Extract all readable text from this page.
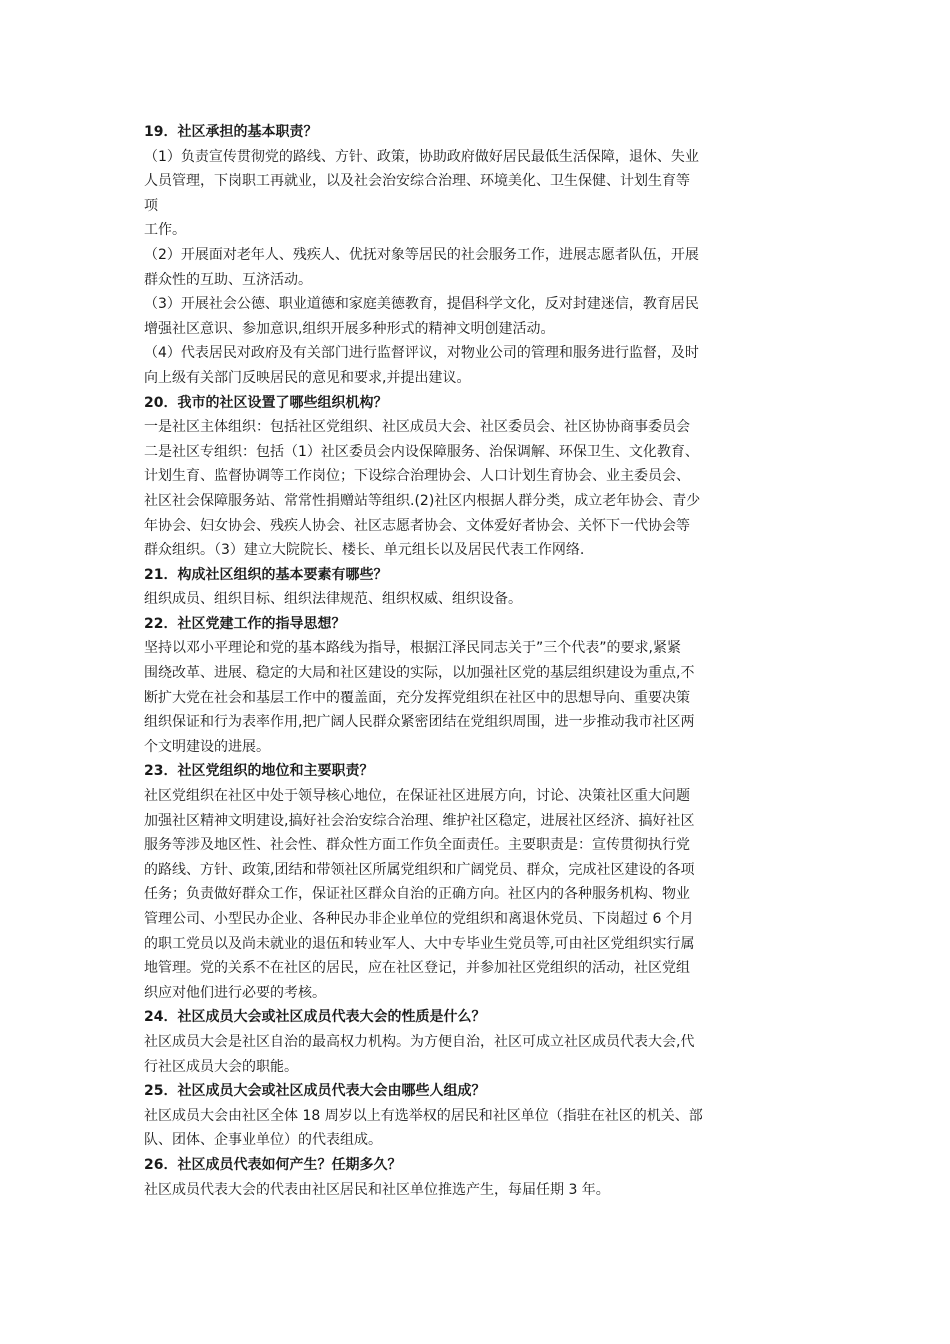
19．社区承担的基本职责？
（1）负责宣传贯彻党的路线、方针、政策，协助政府做好居民最低生活保障，退休、失业
人员管理，下岗职工再就业，以及社会治安综合治理、环境美化、卫生保健、计划生育等
项
工作。
（2）开展面对老年人、残疾人、优抚对象等居民的社会服务工作，进展志愿者队伍，开展
群众性的互助、互济活动。
（3）开展社会公德、职业道德和家庭美德教育，提倡科学文化，反对封建迷信，教育居民
增强社区意识、参加意识,组织开展多种形式的精神文明创建活动。
（4）代表居民对政府及有关部门进行监督评议，对物业公司的管理和服务进行监督，及时
向上级有关部门反映居民的意见和要求,并提出建议。
20．我市的社区设置了哪些组织机构？
一是社区主体组织：包括社区党组织、社区成员大会、社区委员会、社区协协商事委员会
二是社区专组织：包括（1）社区委员会内设保障服务、治保调解、环保卫生、文化教育、
计划生育、监督协调等工作岗位；下设综合治理协会、人口计划生育协会、业主委员会、
社区社会保障服务站、常常性捐赠站等组织.(2)社区内根据人群分类，成立老年协会、青少
年协会、妇女协会、残疾人协会、社区志愿者协会、文体爱好者协会、关怀下一代协会等
群众组织。（3）建立大院院长、楼长、单元组长以及居民代表工作网络.
21．构成社区组织的基本要素有哪些？
组织成员、组织目标、组织法律规范、组织权威、组织设备。
22．社区党建工作的指导思想？
坚持以邓小平理论和党的基本路线为指导，根据江泽民同志关于”三个代表”的要求,紧紧
围绕改革、进展、稳定的大局和社区建设的实际，以加强社区党的基层组织建设为重点,不
断扩大党在社会和基层工作中的覆盖面，充分发挥党组织在社区中的思想导向、重要决策
组织保证和行为表率作用,把广阔人民群众紧密团结在党组织周围，进一步推动我市社区两
个文明建设的进展。
23．社区党组织的地位和主要职责？
社区党组织在社区中处于领导核心地位，在保证社区进展方向，讨论、决策社区重大问题
加强社区精神文明建设,搞好社会治安综合治理、维护社区稳定，进展社区经济、搞好社区
服务等涉及地区性、社会性、群众性方面工作负全面责任。主要职责是：宣传贯彻执行党
的路线、方针、政策,团结和带领社区所属党组织和广阔党员、群众，完成社区建设的各项
任务；负责做好群众工作，保证社区群众自治的正确方向。社区内的各种服务机构、物业
管理公司、小型民办企业、各种民办非企业单位的党组织和离退休党员、下岗超过 6 个月
的职工党员以及尚未就业的退伍和转业军人、大中专毕业生党员等,可由社区党组织实行属
地管理。党的关系不在社区的居民，应在社区登记，并参加社区党组织的活动，社区党组
织应对他们进行必要的考核。
24．社区成员大会或社区成员代表大会的性质是什么？
社区成员大会是社区自治的最高权力机构。为方便自治，社区可成立社区成员代表大会,代
行社区成员大会的职能。
25．社区成员大会或社区成员代表大会由哪些人组成？
社区成员大会由社区全体 18 周岁以上有选举权的居民和社区单位（指驻在社区的机关、部
队、团体、企事业单位）的代表组成。
26．社区成员代表如何产生？任期多久？
社区成员代表大会的代表由社区居民和社区单位推选产生，每届任期 3 年。
